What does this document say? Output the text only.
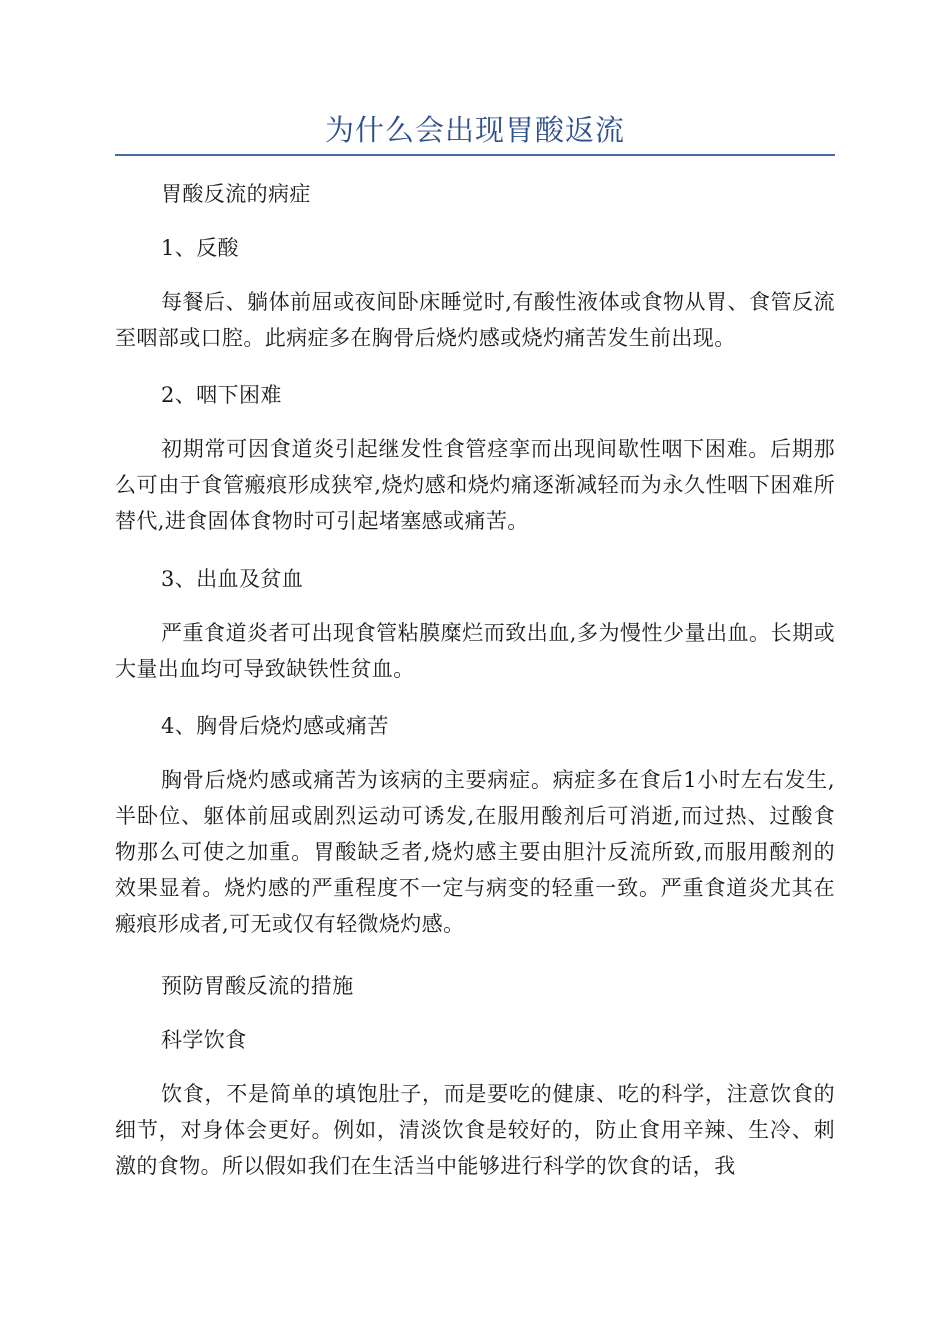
为什么会出现胃酸返流

胃酸反流的病症

1、反酸

每餐后、躺体前屈或夜间卧床睡觉时,有酸性液体或食物从胃、食管反流至咽部或口腔。此病症多在胸骨后烧灼感或烧灼痛苦发生前出现。

2、咽下困难

初期常可因食道炎引起继发性食管痉挛而出现间歇性咽下困难。后期那么可由于食管瘢痕形成狭窄,烧灼感和烧灼痛逐渐减轻而为永久性咽下困难所替代,进食固体食物时可引起堵塞感或痛苦。

3、出血及贫血

严重食道炎者可出现食管粘膜糜烂而致出血,多为慢性少量出血。长期或大量出血均可导致缺铁性贫血。

4、胸骨后烧灼感或痛苦

胸骨后烧灼感或痛苦为该病的主要病症。病症多在食后1小时左右发生,半卧位、躯体前屈或剧烈运动可诱发,在服用酸剂后可消逝,而过热、过酸食物那么可使之加重。胃酸缺乏者,烧灼感主要由胆汁反流所致,而服用酸剂的效果显着。烧灼感的严重程度不一定与病变的轻重一致。严重食道炎尤其在瘢痕形成者,可无或仅有轻微烧灼感。

预防胃酸反流的措施

科学饮食

饮食，不是简单的填饱肚子，而是要吃的健康、吃的科学，注意饮食的细节，对身体会更好。例如，清淡饮食是较好的，防止食用辛辣、生冷、刺激的食物。所以假如我们在生活当中能够进行科学的饮食的话，我
